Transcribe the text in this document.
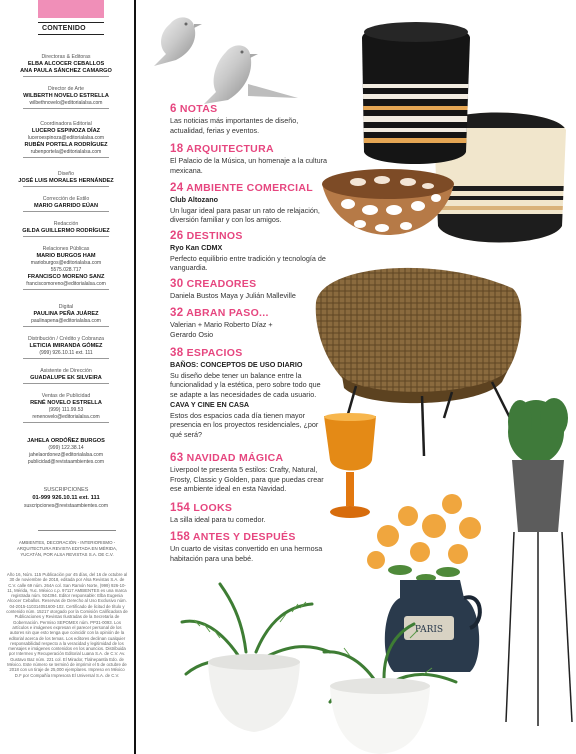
CONTENIDO
Directoras & Editoras
ELBA ALCOCER CEBALLOS
ANA PAULA SÁNCHEZ CAMARGO
Director de Arte
WILBERTH NOVELO ESTRELLA
wilbethnovelo@editorialalsa.com
Coordinadora Editorial
LUCERO ESPINOZA DÍAZ
luceroespinoza@editorialalsa.com
RUBÉN PORTELA RODRÍGUEZ
rubenportela@editorialalsa.com
Diseño
JOSÉ LUIS MORALES HERNÁNDEZ
Corrección de Estilo
MARIO GARRIDO EÚAN
Redacción
GILDA GUILLERMO RODRÍGUEZ
Relaciones Públicas
MARIO BURGOS HAM
marioburgos@editorialalsa.com
5575.028.717
FRANCISCO MORENO SANZ
franciscomoreno@editorialalsa.com
Digital
PAULINA PEÑA JUÁREZ
paulinapena@editorialalsa.com
Distribución / Crédito y Cobranza
LETICIA IMIRANDA GÓMEZ
(999) 926.10.11 ext. 111
Asistente de Dirección
GUADALUPE EK SILVEIRA
Ventas de Publicidad
RENÉ NOVELO ESTRELLA
(999) 111.99.53
renenovelo@editorialalsa.com
JAHELA ORDÓÑEZ BURGOS
(999) 122.38.14
jahelaordonez@editorialalsa.com
publicidad@revistaambientes.com
SUSCRIPCIONES
01-999 926.10.11 ext. 111
suscripciones@revistaambientes.com
AMBIENTES, DECORACIÓN - INTERIORISMO - ARQUITECTURA REVISTA EDITADA EN MÉRIDA, YUCATÁN, POR ALSA REVISTAS S.A. DE C.V.
Año 16, Núm. 115 Publicación por 45 días, del 16 de octubre al 30 de noviembre de 2018, editada por Alsa Revistas S.A. de C.V. calle 69 núm. 264A col. San Ramón Norte, (999) 926-10-11, Mérida, Yuc. México c.p. 97117 AMBIENTES es una marca registrada núm. 924394. Editor responsable: Elba Eugenia Alcocer Ceballos. Reservas de Derecho al Uso Exclusivo núm. 04-2015-110314051600-102. Certificado de licitud de título y contenido núm. 15217 otorgado por la Comisión Calificadora de Publicaciones y Revistas Ilustradas de la Secretaría de Gobernación. Permiso SEPOMEX núm. PP31-0093. Los artículos e imágenes expresan el parecer personal de los autores sin que esto tenga que coincidir con la opinión de la editorial acerca de los temas. Los editores declinan cualquier responsabilidad respecto a la veracidad y legitimidad de los mensajes e imágenes contenidos en los anuncios. Distribuida por Intermex y Recuperación Editorial Luana S.A. de C.V. Av. Gustavo Baz núm. 221 col. El Mirador, Tlalnepantla Edo. de México. Este número se terminó de imprimir el 5 de octubre de 2018 con un tiraje de 25,000 ejemplares. Impreso en México D.F por Compañía Impresora El Universal S.A. de C.V.
PARIS
6 NOTAS
Las noticias más importantes de diseño, actualidad, ferias y eventos.
18 ARQUITECTURA
El Palacio de la Música, un homenaje a la cultura mexicana.
24 AMBIENTE COMERCIAL
Club Altozano
Un lugar ideal para pasar un rato de relajación, diversión familiar y con los amigos.
26 DESTINOS
Ryo Kan CDMX
Perfecto equilibrio entre tradición y tecnología de vanguardia.
30 CREADORES
Daniela Bustos Maya y Julián Malleville
32 ABRAN PASO...
Valerian + Mario Roberto Díaz + Gerardo Osio
38 ESPACIOS
BAÑOS: CONCEPTOS DE USO DIARIO
Su diseño debe tener un balance entre la funcionalidad y la estética, pero sobre todo que se adapte a las necesidades de cada usuario.
CAVA Y CINE EN CASA
Estos dos espacios cada día tienen mayor presencia en los proyectos residenciales, ¿por qué será?
63 NAVIDAD MÁGICA
Liverpool te presenta 5 estilos: Crafty, Natural, Frosty, Classic y Golden, para que puedas crear ese ambiente ideal en esta Navidad.
154 LOOKS
La silla ideal para tu comedor.
158 ANTES Y DESPUÉS
Un cuarto de visitas convertido en una hermosa habitación para una bebé.
